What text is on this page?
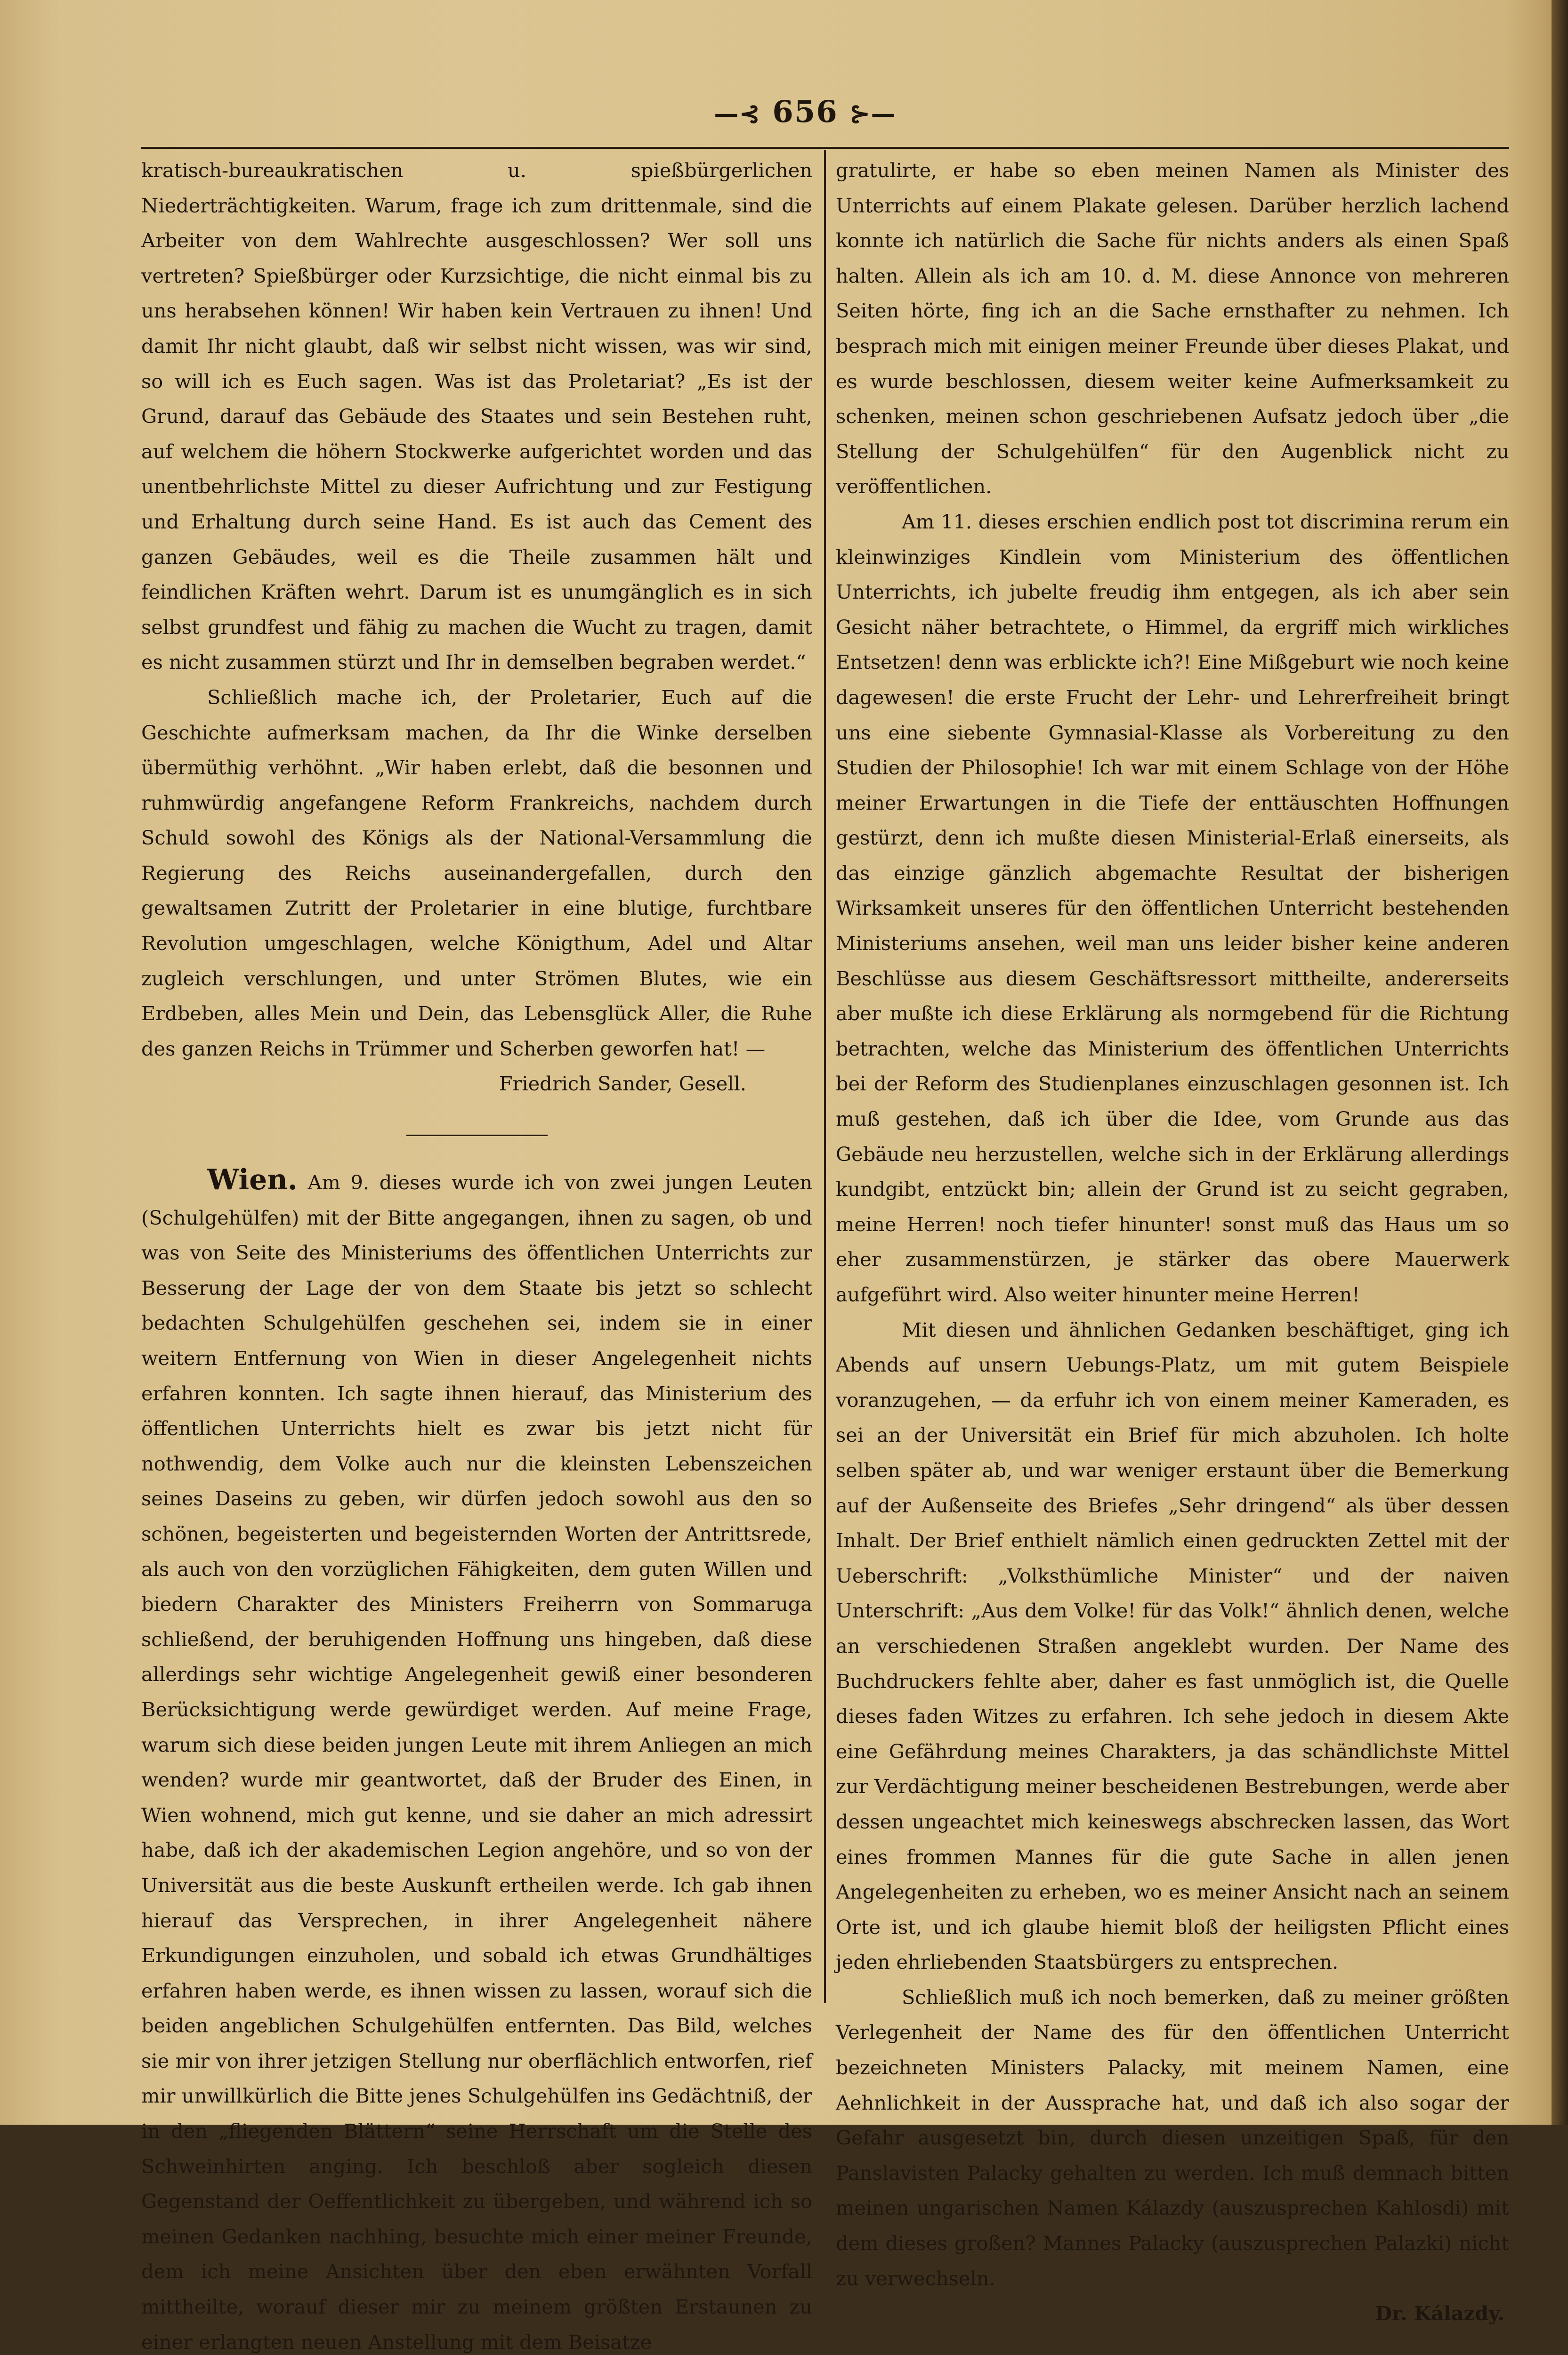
—⊰ 656 ⊱—

kratisch-bureaukratischen u. spießbürgerlichen Niederträchtigkeiten. Warum, frage ich zum drittenmale, sind die Arbeiter von dem Wahlrechte ausgeschlossen? Wer soll uns vertreten? Spießbürger oder Kurzsichtige, die nicht einmal bis zu uns herabsehen können! Wir haben kein Vertrauen zu ihnen! Und damit Ihr nicht glaubt, daß wir selbst nicht wissen, was wir sind, so will ich es Euch sagen. Was ist das Proletariat? „Es ist der Grund, darauf das Gebäude des Staates und sein Bestehen ruht, auf welchem die höhern Stockwerke aufgerichtet worden und das unentbehrlichste Mittel zu dieser Aufrichtung und zur Festigung und Erhaltung durch seine Hand. Es ist auch das Cement des ganzen Gebäudes, weil es die Theile zusammen hält und feindlichen Kräften wehrt. Darum ist es unumgänglich es in sich selbst grundfest und fähig zu machen die Wucht zu tragen, damit es nicht zusammen stürzt und Ihr in demselben begraben werdet.“

Schließlich mache ich, der Proletarier, Euch auf die Geschichte aufmerksam machen, da Ihr die Winke derselben übermüthig verhöhnt. „Wir haben erlebt, daß die besonnen und ruhmwürdig angefangene Reform Frankreichs, nachdem durch Schuld sowohl des Königs als der National-Versammlung die Regierung des Reichs auseinandergefallen, durch den gewaltsamen Zutritt der Proletarier in eine blutige, furchtbare Revolution umgeschlagen, welche Königthum, Adel und Altar zugleich verschlungen, und unter Strömen Blutes, wie ein Erdbeben, alles Mein und Dein, das Lebensglück Aller, die Ruhe des ganzen Reichs in Trümmer und Scherben geworfen hat! —

Friedrich Sander, Gesell.

Wien. Am 9. dieses wurde ich von zwei jungen Leuten (Schulgehülfen) mit der Bitte angegangen, ihnen zu sagen, ob und was von Seite des Ministeriums des öffentlichen Unterrichts zur Besserung der Lage der von dem Staate bis jetzt so schlecht bedachten Schulgehülfen geschehen sei, indem sie in einer weitern Entfernung von Wien in dieser Angelegenheit nichts erfahren konnten. Ich sagte ihnen hierauf, das Ministerium des öffentlichen Unterrichts hielt es zwar bis jetzt nicht für nothwendig, dem Volke auch nur die kleinsten Lebenszeichen seines Daseins zu geben, wir dürfen jedoch sowohl aus den so schönen, begeisterten und begeisternden Worten der Antrittsrede, als auch von den vorzüglichen Fähigkeiten, dem guten Willen und biedern Charakter des Ministers Freiherrn von Sommaruga schließend, der beruhigenden Hoffnung uns hingeben, daß diese allerdings sehr wichtige Angelegenheit gewiß einer besonderen Berücksichtigung werde gewürdiget werden. Auf meine Frage, warum sich diese beiden jungen Leute mit ihrem Anliegen an mich wenden? wurde mir geantwortet, daß der Bruder des Einen, in Wien wohnend, mich gut kenne, und sie daher an mich adressirt habe, daß ich der akademischen Legion angehöre, und so von der Universität aus die beste Auskunft ertheilen werde. Ich gab ihnen hierauf das Versprechen, in ihrer Angelegenheit nähere Erkundigungen einzuholen, und sobald ich etwas Grundhältiges erfahren haben werde, es ihnen wissen zu lassen, worauf sich die beiden angeblichen Schulgehülfen entfernten. Das Bild, welches sie mir von ihrer jetzigen Stellung nur oberflächlich entworfen, rief mir unwillkürlich die Bitte jenes Schulgehülfen ins Gedächtniß, der in den „fliegenden Blättern“ seine Herrschaft um die Stelle des Schweinhirten anging. Ich beschloß aber sogleich diesen Gegenstand der Oeffentlichkeit zu übergeben, und während ich so meinen Gedanken nachhing, besuchte mich einer meiner Freunde, dem ich meine Ansichten über den eben erwähnten Vorfall mittheilte, worauf dieser mir zu meinem größten Erstaunen zu einer erlangten neuen Anstellung mit dem Beisatze

gratulirte, er habe so eben meinen Namen als Minister des Unterrichts auf einem Plakate gelesen. Darüber herzlich lachend konnte ich natürlich die Sache für nichts anders als einen Spaß halten. Allein als ich am 10. d. M. diese Annonce von mehreren Seiten hörte, fing ich an die Sache ernsthafter zu nehmen. Ich besprach mich mit einigen meiner Freunde über dieses Plakat, und es wurde beschlossen, diesem weiter keine Aufmerksamkeit zu schenken, meinen schon geschriebenen Aufsatz jedoch über „die Stellung der Schulgehülfen“ für den Augenblick nicht zu veröffentlichen.

Am 11. dieses erschien endlich post tot discrimina rerum ein kleinwinziges Kindlein vom Ministerium des öffentlichen Unterrichts, ich jubelte freudig ihm entgegen, als ich aber sein Gesicht näher betrachtete, o Himmel, da ergriff mich wirkliches Entsetzen! denn was erblickte ich?! Eine Mißgeburt wie noch keine dagewesen! die erste Frucht der Lehr- und Lehrerfreiheit bringt uns eine siebente Gymnasial-Klasse als Vorbereitung zu den Studien der Philosophie! Ich war mit einem Schlage von der Höhe meiner Erwartungen in die Tiefe der enttäuschten Hoffnungen gestürzt, denn ich mußte diesen Ministerial-Erlaß einerseits, als das einzige gänzlich abgemachte Resultat der bisherigen Wirksamkeit unseres für den öffentlichen Unterricht bestehenden Ministeriums ansehen, weil man uns leider bisher keine anderen Beschlüsse aus diesem Geschäftsressort mittheilte, andererseits aber mußte ich diese Erklärung als normgebend für die Richtung betrachten, welche das Ministerium des öffentlichen Unterrichts bei der Reform des Studienplanes einzuschlagen gesonnen ist. Ich muß gestehen, daß ich über die Idee, vom Grunde aus das Gebäude neu herzustellen, welche sich in der Erklärung allerdings kundgibt, entzückt bin; allein der Grund ist zu seicht gegraben, meine Herren! noch tiefer hinunter! sonst muß das Haus um so eher zusammenstürzen, je stärker das obere Mauerwerk aufgeführt wird. Also weiter hinunter meine Herren!

Mit diesen und ähnlichen Gedanken beschäftiget, ging ich Abends auf unsern Uebungs-Platz, um mit gutem Beispiele voranzugehen, — da erfuhr ich von einem meiner Kameraden, es sei an der Universität ein Brief für mich abzuholen. Ich holte selben später ab, und war weniger erstaunt über die Bemerkung auf der Außenseite des Briefes „Sehr dringend“ als über dessen Inhalt. Der Brief enthielt nämlich einen gedruckten Zettel mit der Ueberschrift: „Volksthümliche Minister“ und der naiven Unterschrift: „Aus dem Volke! für das Volk!“ ähnlich denen, welche an verschiedenen Straßen angeklebt wurden. Der Name des Buchdruckers fehlte aber, daher es fast unmöglich ist, die Quelle dieses faden Witzes zu erfahren. Ich sehe jedoch in diesem Akte eine Gefährdung meines Charakters, ja das schändlichste Mittel zur Verdächtigung meiner bescheidenen Bestrebungen, werde aber dessen ungeachtet mich keineswegs abschrecken lassen, das Wort eines frommen Mannes für die gute Sache in allen jenen Angelegenheiten zu erheben, wo es meiner Ansicht nach an seinem Orte ist, und ich glaube hiemit bloß der heiligsten Pflicht eines jeden ehrliebenden Staatsbürgers zu entsprechen.

Schließlich muß ich noch bemerken, daß zu meiner größten Verlegenheit der Name des für den öffentlichen Unterricht bezeichneten Ministers Palacky, mit meinem Namen, eine Aehnlichkeit in der Aussprache hat, und daß ich also sogar der Gefahr ausgesetzt bin, durch diesen unzeitigen Spaß, für den Panslavisten Palacky gehalten zu werden. Ich muß demnach bitten meinen ungarischen Namen Kálazdy (auszusprechen Kahlosdi) mit dem dieses großen? Mannes Palacky (auszusprechen Palazki) nicht zu verwechseln.

Dr. Kálazdy.
